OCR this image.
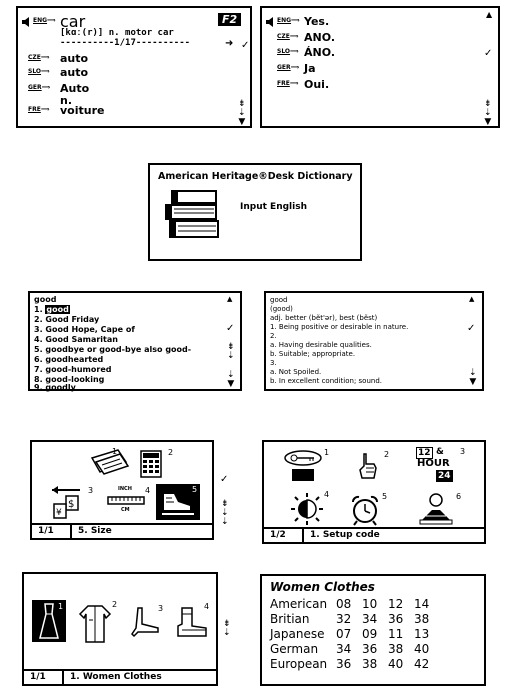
ENG⟹ car	F2
[kɑː(r)] n. motor car
----------1/17----------	➜
CZE⟹ auto
SLO⟹ auto
GER⟹ Auto
n.
FRE⟹ voiture	⇟
⇣
▼
✓
ENG⟹ Yes.
CZE⟹ ANO.
SLO⟹ ÁNO.
GER⟹ Ja
FRE⟹ Oui.
▲
✓
⇟
⇣
▼
American Heritage®Desk Dictionary
Input English
good
1. good
2. Good Friday
3. Good Hope, Cape of
4. Good Samaritan
5. goodbye or good-bye also good-
6. goodhearted
7. good-humored
8. good-looking
9. goodly
▲
✓
⇟
⇣
⇣
▼
good
(good)
adj. better (bĕt'ər), best (bĕst)
1. Being positive or desirable in nature.
2.
a. Having desirable qualities.
b. Suitable; appropriate.
3.
a. Not Spoiled.
b. In excellent condition; sound.
▲
✓
⇣
▼
1	2
$
¥
3	INCH
CM
4	5
1/1	5. Size
✓
⇟
⇣
⇣
1	2	12 &
HOUR
24
3
4	5	6
1/2	1. Setup code
1	2	3	4
1/1	1. Women Clothes
⇟
⇣
Women Clothes
American	08	10	12	14
Britian	32	34	36	38
Japanese	07	09	11	13
German	34	36	38	40
European	36	38	40	42
